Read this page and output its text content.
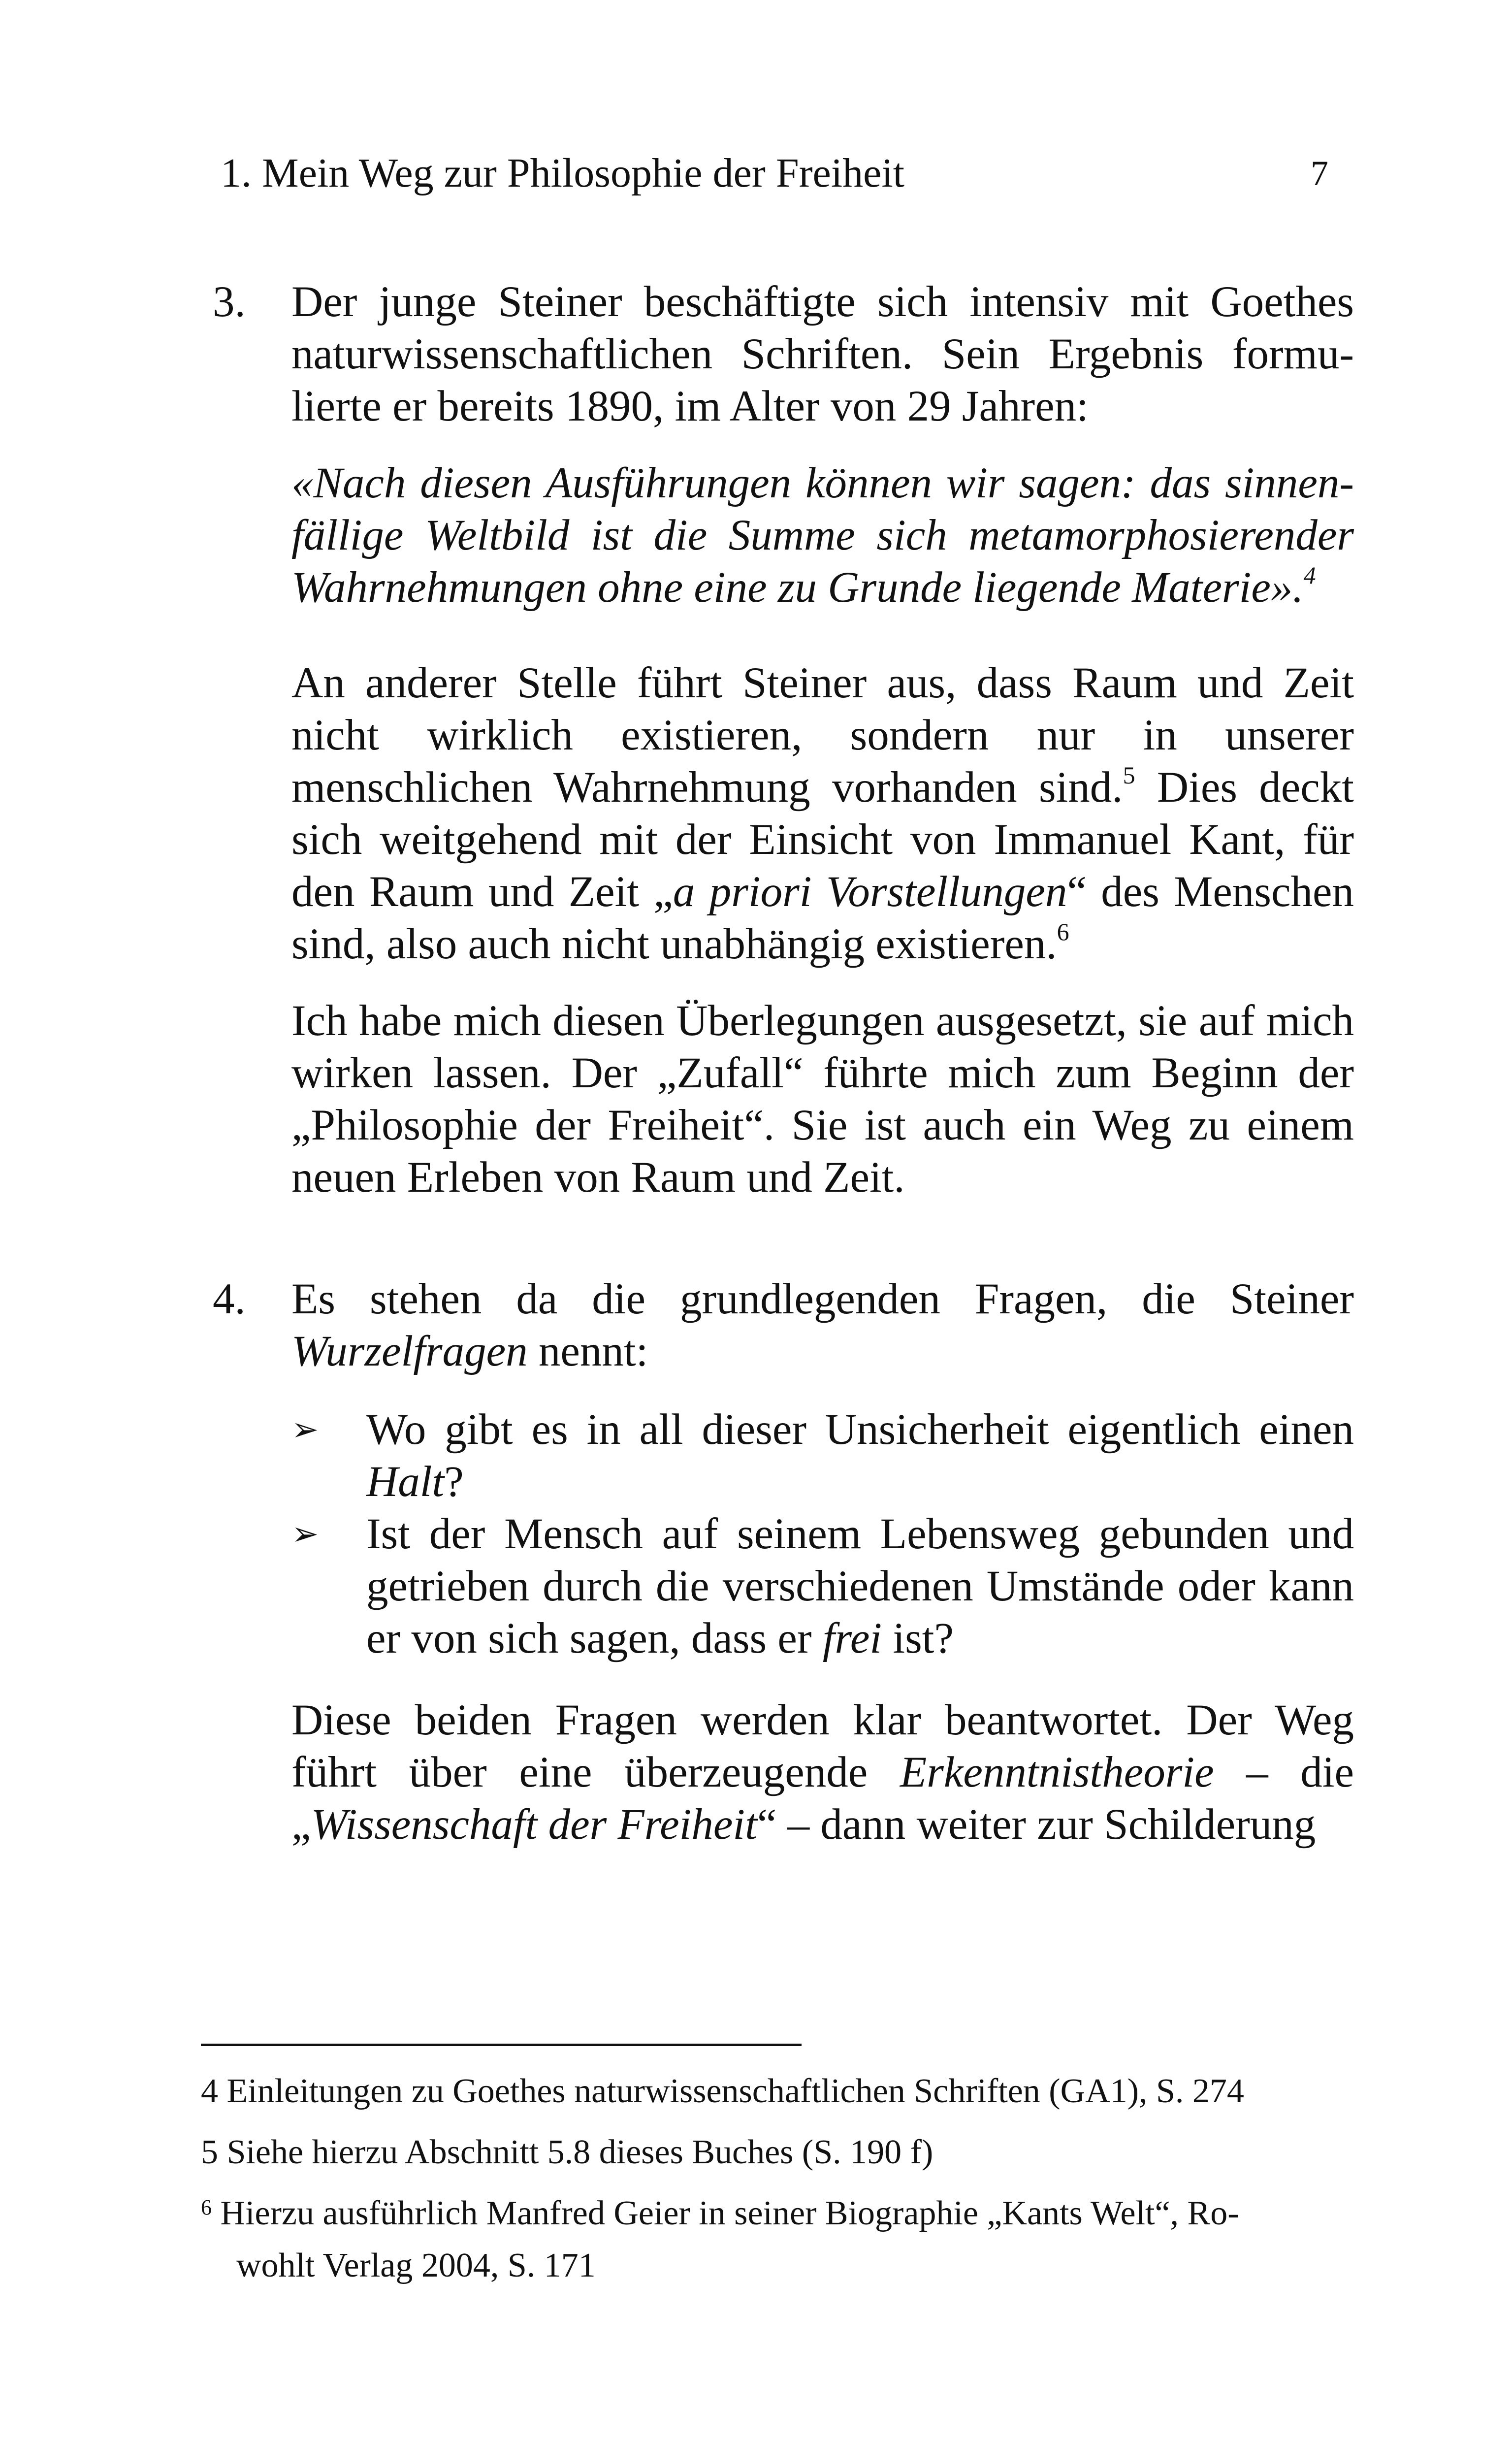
1. Mein Weg zur Philosophie der Freiheit	7
3. Der junge Steiner beschäftigte sich intensiv mit Goethes naturwissenschaftlichen Schriften. Sein Ergebnis formulierte er bereits 1890, im Alter von 29 Jahren:

«Nach diesen Ausführungen können wir sagen: das sinnenfällige Weltbild ist die Summe sich metamorphosierender Wahrnehmungen ohne eine zu Grunde liegende Materie».$^4$

An anderer Stelle führt Steiner aus, dass Raum und Zeit nicht wirklich existieren, sondern nur in unserer menschlichen Wahrnehmung vorhanden sind.$^5$ Dies deckt sich weitgehend mit der Einsicht von Immanuel Kant, für den Raum und Zeit „a priori Vorstellungen“ des Menschen sind, also auch nicht unabhängig existieren.$^6$

Ich habe mich diesen Überlegungen ausgesetzt, sie auf mich wirken lassen. Der „Zufall“ führte mich zum Beginn der „Philosophie der Freiheit“. Sie ist auch ein Weg zu einem neuen Erleben von Raum und Zeit.

4. Es stehen da die grundlegenden Fragen, die Steiner Wurzelfragen nennt:

➢ Wo gibt es in all dieser Unsicherheit eigentlich einen Halt?
➢ Ist der Mensch auf seinem Lebensweg gebunden und getrieben durch die verschiedenen Umstände oder kann er von sich sagen, dass er frei ist?

Diese beiden Fragen werden klar beantwortet. Der Weg führt über eine überzeugende Erkenntnistheorie – die „Wissenschaft der Freiheit“ – dann weiter zur Schilderung

4 Einleitungen zu Goethes naturwissenschaftlichen Schriften (GA1), S. 274

5 Siehe hierzu Abschnitt 5.8 dieses Buches (S. 190 f)

$^6$ Hierzu ausführlich Manfred Geier in seiner Biographie „Kants Welt“, Ro-

wohlt Verlag 2004, S. 171
